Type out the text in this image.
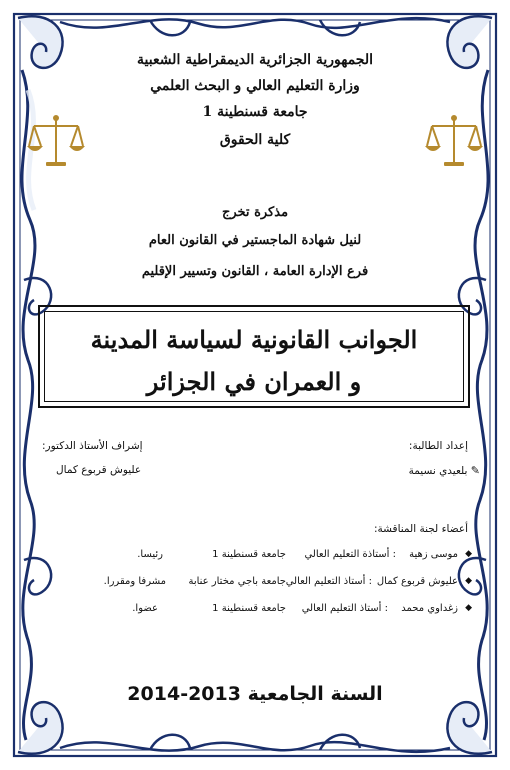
الجمهورية الجزائرية الديمقراطية الشعبية
وزارة التعليم العالي و البحث العلمي
جامعة قسنطينة 1
كلية الحقوق
مذكرة تخرج
لنيل شهادة الماجستير في القانون العام
فرع الإدارة العامة ، القانون وتسيير الإقليم
الجوانب القانونية لسياسة المدينة
و العمران في الجزائر
إعداد الطالبة:
✎ بلعيدي نسيمة
إشراف الأستاذ الدكتور:
عليوش قربوع كمال
أعضاء لجنة المناقشة:
◆
موسى زهية
: أستاذة التعليم العالي
جامعة قسنطينة 1
رئيسا.
◆
عليوش قربوع كمال
: أستاذ التعليم العالي
جامعة باجي مختار عنابة
مشرفا ومقررا.
◆
زغداوي محمد
: أستاذ التعليم العالي
جامعة قسنطينة 1
عضوا.
السنة الجامعية 2013-2014
